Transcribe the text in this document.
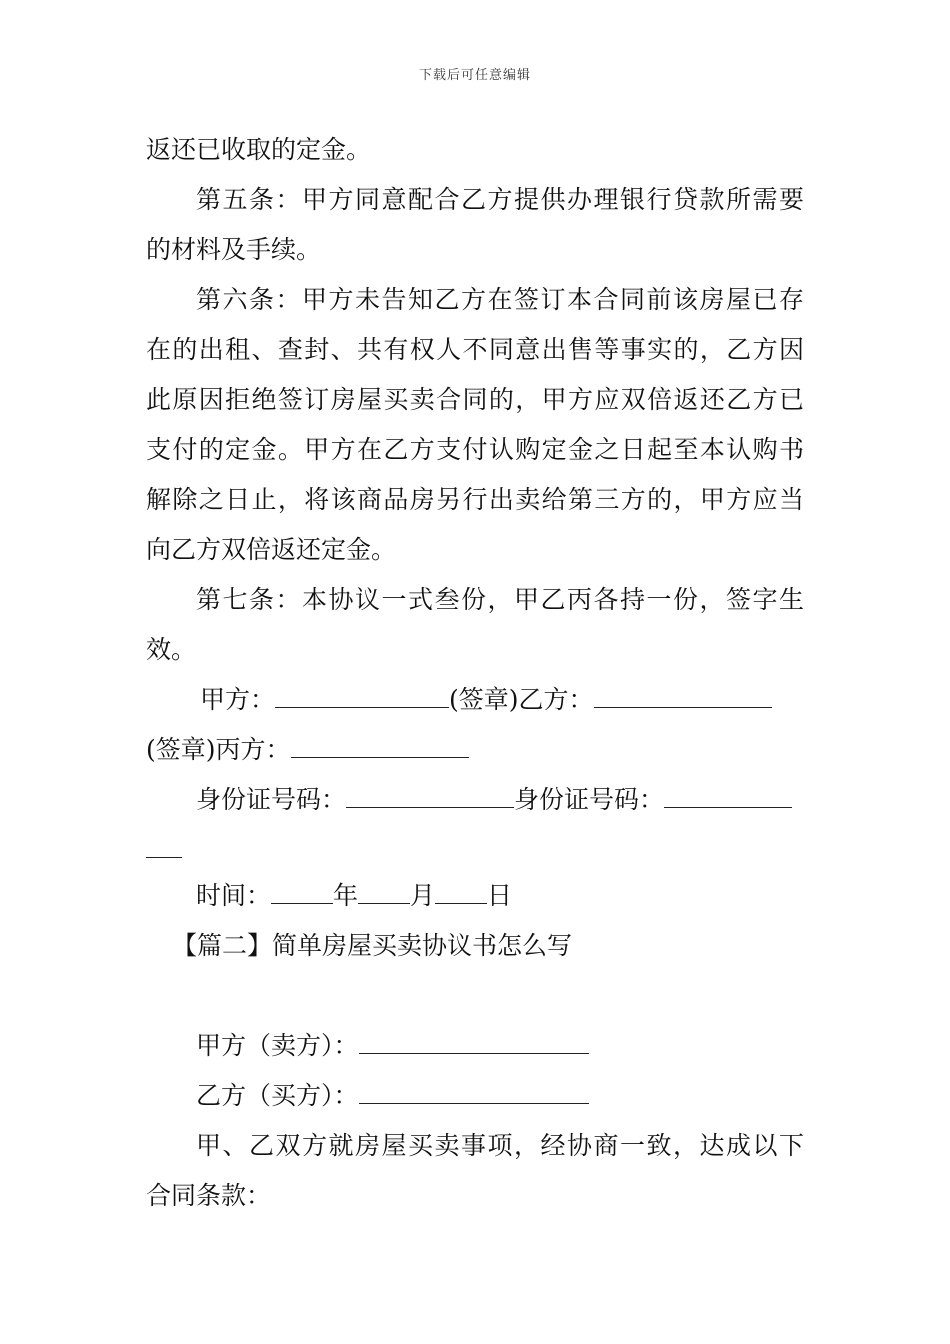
下载后可任意编辑
返还已收取的定金。
第五条：甲方同意配合乙方提供办理银行贷款所需要
的材料及手续。
第六条：甲方未告知乙方在签订本合同前该房屋已存
在的出租、查封、共有权人不同意出售等事实的，乙方因
此原因拒绝签订房屋买卖合同的，甲方应双倍返还乙方已
支付的定金。甲方在乙方支付认购定金之日起至本认购书
解除之日止，将该商品房另行出卖给第三方的，甲方应当
向乙方双倍返还定金。
第七条：本协议一式叁份，甲乙丙各持一份，签字生
效。
甲方：	(签章)乙方：
(签章)丙方：
身份证号码：	身份证号码：
时间： 年 月 日
【篇二】简单房屋买卖协议书怎么写
甲方（卖方）：
乙方（买方）：
甲、乙双方就房屋买卖事项，经协商一致，达成以下
合同条款：
